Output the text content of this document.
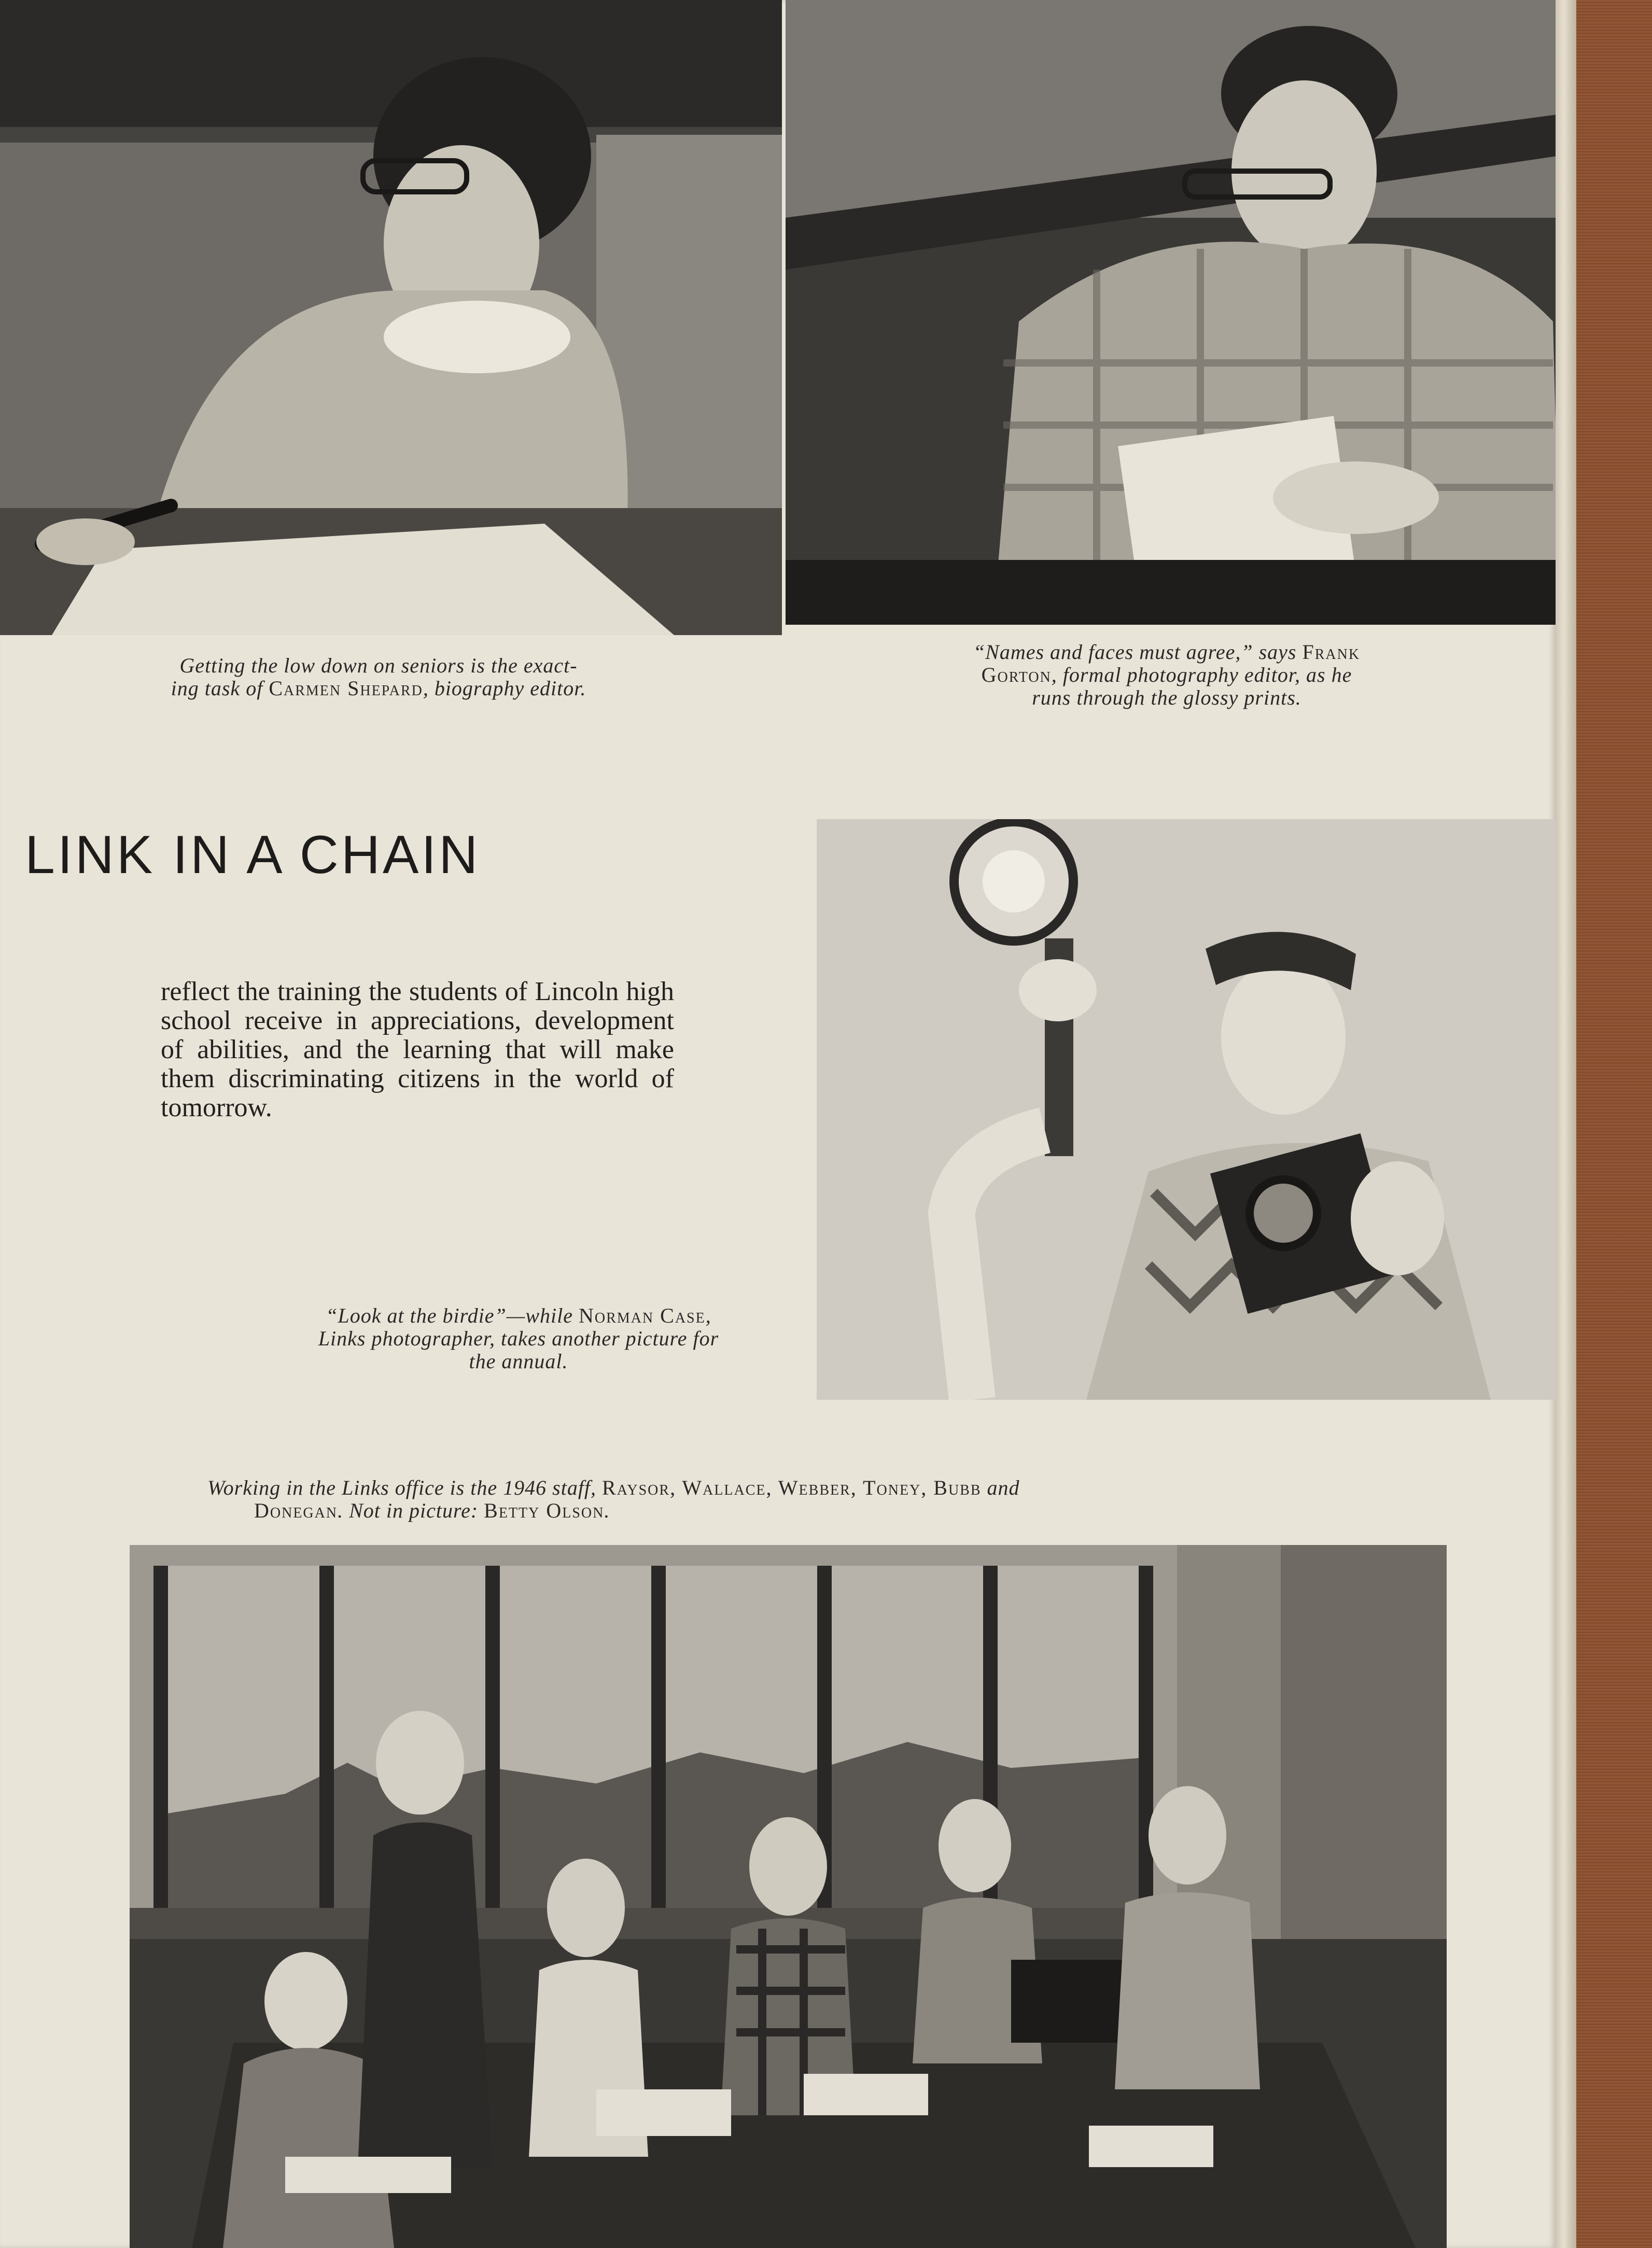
Getting the low down on seniors is the exact-
ing task of Carmen Shepard, biography editor.

“Names and faces must agree,” says Frank
Gorton, formal photography editor, as he
runs through the glossy prints.

LINK IN A CHAIN

reflect the training the students of Lincoln high school receive in appreciations, development of abilities, and the learning that will make them discriminating citizens in the world of tomorrow.

“Look at the birdie”—while Norman Case,
Links photographer, takes another picture for
the annual.

Working in the Links office is the 1946 staff, Raysor, Wallace, Webber, Toney, Bubb and
Donegan. Not in picture: Betty Olson.
